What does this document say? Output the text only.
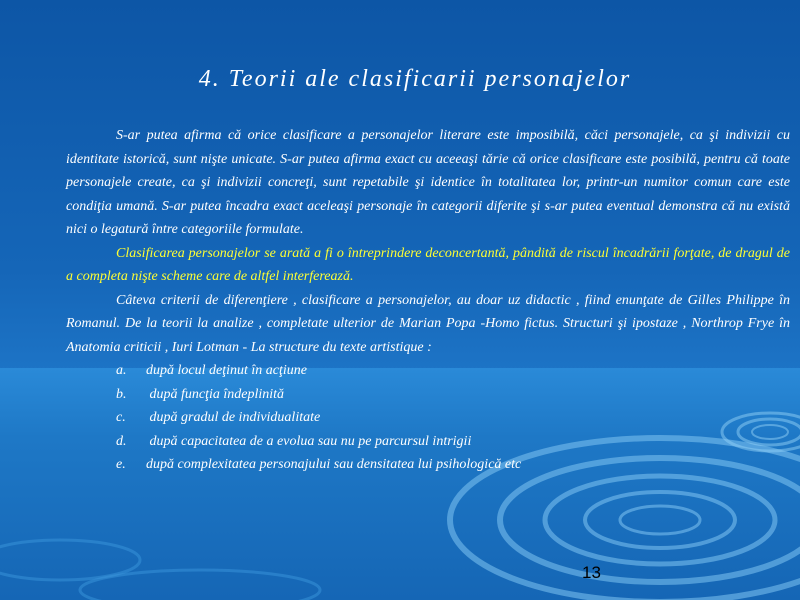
4. Teorii ale clasificarii personajelor

S-ar putea afirma că orice clasificare a personajelor literare este imposibilă, căci personajele, ca şi indivizii cu identitate istorică, sunt nişte unicate. S-ar putea afirma exact cu aceeaşi tărie că orice clasificare este posibilă, pentru că toate personajele create, ca şi indivizii concreţi, sunt repetabile şi identice în totalitatea lor, printr-un numitor comun care este condiţia umană. S-ar putea încadra exact aceleaşi personaje în categorii diferite şi s-ar putea eventual demonstra că nu există nici o legatură între categoriile formulate.

Clasificarea personajelor se arată a fi o întreprindere deconcertantă, pândită de riscul încadrării forţate, de dragul de a completa nişte scheme care de altfel interferează.

Câteva criterii de diferenţiere , clasificare a personajelor, au doar uz didactic , fiind enunţate de Gilles Philippe în Romanul. De la teorii la analize , completate ulterior de Marian Popa -Homo fictus. Structuri şi ipostaze , Northrop Frye în Anatomia criticii , Iuri Lotman - La structure du texte artistique :

a. după locul deţinut în acţiune
b. după funcţia îndeplinită
c. după gradul de individualitate
d. după capacitatea de a evolua sau nu pe parcursul intrigii
e. după complexitatea personajului sau densitatea lui psihologică etc
13
